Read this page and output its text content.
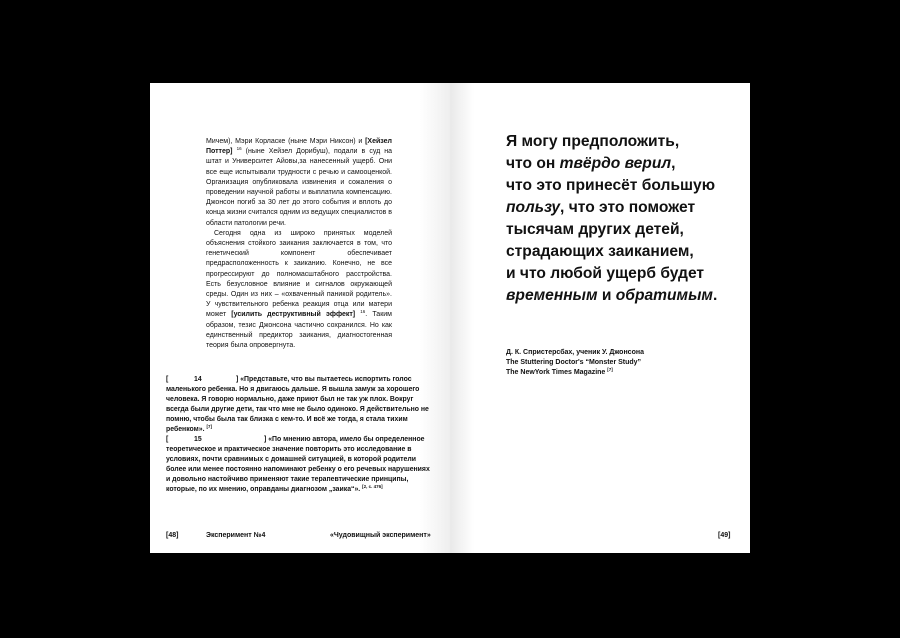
Мичем), Мэри Корласке (ныне Мэри Никсон) и [Хейзел Поттер] $^{16}$ (ныне Хейзел Дорибуш), подали в суд на штат и Университет Айовы,за нанесенный ущерб. Они все еще испытывали трудности с речью и самооценкой. Организация опубликовала извинения и сожаления о проведении научной работы и выплатила компенсацию. Джонсон погиб за 30 лет до этого события и вплоть до конца жизни считался одним из ведущих специалистов в области патологии речи.

Сегодня одна из широко принятых моделей объяснения стойкого заикания заключается в том, что генетический компонент обеспечивает предрасположенность к заиканию. Конечно, не все прогрессируют до полномасштабного расстройства. Есть безусловное влияние и сигналов окружающей среды. Один из них – «охваченный паникой родитель». У чувствительного ребенка реакция отца или матери может [усилить деструктивный эффект] $^{16}$. Таким образом, тезис Джонсона частично сохранился. Но как единственный предиктор заикания, диагностогенная теория была опровергнута.

[	14	] «Представьте, что вы пытаетесь испортить голос маленького ребенка. Но я двигаюсь дальше. Я вышла замуж за хорошего человека. Я говорю нормально, даже приют был не так уж плох. Вокруг всегда были другие дети, так что мне не было одиноко. Я действительно не помню, чтобы была так близка с кем-то. И всё же тогда, я стала тихим ребенком». [7]

[	15	] «По мнению автора, имело бы определенное теоретическое и практическое значение повторить это исследование в условиях, почти сравнимых с домашней ситуацией, в которой родители более или менее постоянно напоминают ребенку о его речевых нарушениях и довольно настойчиво применяют такие терапевтические принципы, которые, по их мнению, оправданы диагнозом „заика“». [2, с. 476]

[48]	Эксперимент №4	«Чудовищный эксперимент»
Я могу предположить,
что он твёрдо верил,
что это принесёт большую
пользу, что это поможет
тысячам других детей,
страдающих заиканием,
и что любой ущерб будет
временным и обратимым.
Д. К. Спристерсбах, ученик У. Джонсона
The Stuttering Doctor's “Monster Study”
The NewYork Times Magazine [7]
[49]
